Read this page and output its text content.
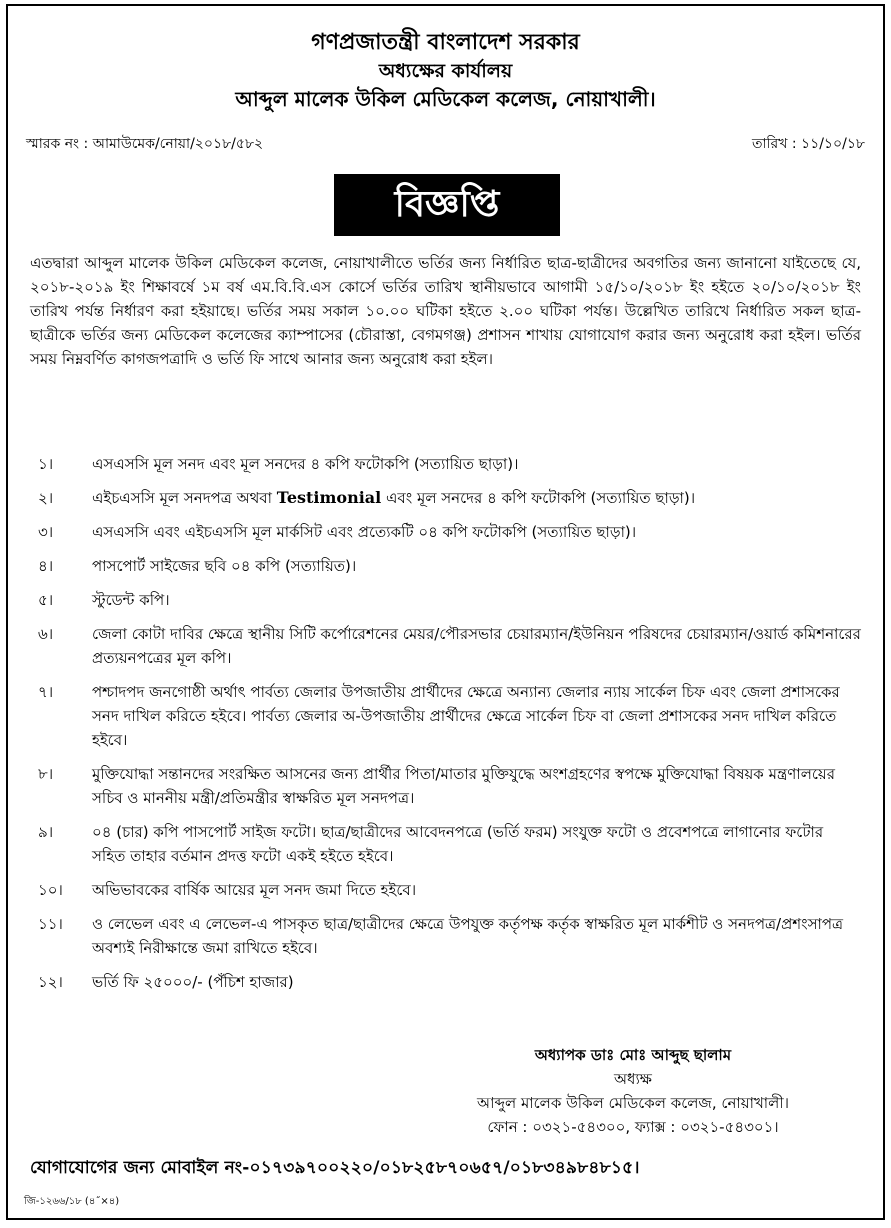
গণপ্রজাতন্ত্রী বাংলাদেশ সরকার
অধ্যক্ষের কার্যালয়
আব্দুল মালেক উকিল মেডিকেল কলেজ, নোয়াখালী।
স্মারক নং : আমাউমেক/নোয়া/২০১৮/৫৮২	তারিখ : ১১/১০/১৮
বিজ্ঞপ্তি
এতদ্বারা আব্দুল মালেক উকিল মেডিকেল কলেজ, নোয়াখালীতে ভর্তির জন্য নির্ধারিত ছাত্র-ছাত্রীদের অবগতির জন্য জানানো যাইতেছে যে, ২০১৮-২০১৯ ইং শিক্ষাবর্ষে ১ম বর্ষ এম.বি.বি.এস কোর্সে ভর্তির তারিখ স্থানীয়ভাবে আগামী ১৫/১০/২০১৮ ইং হইতে ২০/১০/২০১৮ ইং তারিখ পর্যন্ত নির্ধারণ করা হইয়াছে। ভর্তির সময় সকাল ১০.০০ ঘটিকা হইতে ২.০০ ঘটিকা পর্যন্ত। উল্লেখিত তারিখে নির্ধারিত সকল ছাত্র-ছাত্রীকে ভর্তির জন্য মেডিকেল কলেজের ক্যাম্পাসের (চৌরাস্তা, বেগমগঞ্জ) প্রশাসন শাখায় যোগাযোগ করার জন্য অনুরোধ করা হইল। ভর্তির সময় নিম্নবর্ণিত কাগজপত্রাদি ও ভর্তি ফি সাথে আনার জন্য অনুরোধ করা হইল।
১।	এসএসসি মূল সনদ এবং মূল সনদের ৪ কপি ফটোকপি (সত্যায়িত ছাড়া)।
২।	এইচএসসি মূল সনদপত্র অথবা Testimonial এবং মূল সনদের ৪ কপি ফটোকপি (সত্যায়িত ছাড়া)।
৩।	এসএসসি এবং এইচএসসি মূল মার্কসিট এবং প্রত্যেকটি ০৪ কপি ফটোকপি (সত্যায়িত ছাড়া)।
৪।	পাসপোর্ট সাইজের ছবি ০৪ কপি (সত্যায়িত)।
৫।	স্টুডেন্ট কপি।
৬।	জেলা কোটা দাবির ক্ষেত্রে স্থানীয় সিটি কর্পোরেশনের মেয়র/পৌরসভার চেয়ারম্যান/ইউনিয়ন পরিষদের চেয়ারম্যান/ওয়ার্ড কমিশনারের প্রত্যয়নপত্রের মূল কপি।
৭।	পশ্চাদপদ জনগোষ্ঠী অর্থাৎ পার্বত্য জেলার উপজাতীয় প্রার্থীদের ক্ষেত্রে অন্যান্য জেলার ন্যায় সার্কেল চিফ এবং জেলা প্রশাসকের সনদ দাখিল করিতে হইবে। পার্বত্য জেলার অ-উপজাতীয় প্রার্থীদের ক্ষেত্রে সার্কেল চিফ বা জেলা প্রশাসকের সনদ দাখিল করিতে হইবে।
৮।	মুক্তিযোদ্ধা সন্তানদের সংরক্ষিত আসনের জন্য প্রার্থীর পিতা/মাতার মুক্তিযুদ্ধে অংশগ্রহণের স্বপক্ষে মুক্তিযোদ্ধা বিষয়ক মন্ত্রণালয়ের সচিব ও মাননীয় মন্ত্রী/প্রতিমন্ত্রীর স্বাক্ষরিত মূল সনদপত্র।
৯।	০৪ (চার) কপি পাসপোর্ট সাইজ ফটো। ছাত্র/ছাত্রীদের আবেদনপত্রে (ভর্তি ফরম) সংযুক্ত ফটো ও প্রবেশপত্রে লাগানোর ফটোর সহিত তাহার বর্তমান প্রদত্ত ফটো একই হইতে হইবে।
১০।	অভিভাবকের বার্ষিক আয়ের মূল সনদ জমা দিতে হইবে।
১১।	ও লেভেল এবং এ লেভেল-এ পাসকৃত ছাত্র/ছাত্রীদের ক্ষেত্রে উপযুক্ত কর্তৃপক্ষ কর্তৃক স্বাক্ষরিত মূল মার্কশীট ও সনদপত্র/প্রশংসাপত্র অবশ্যই নিরীক্ষান্তে জমা রাখিতে হইবে।
১২।	ভর্তি ফি ২৫০০০/- (পঁচিশ হাজার)
অধ্যাপক ডাঃ মোঃ আব্দুছ ছালাম
অধ্যক্ষ
আব্দুল মালেক উকিল মেডিকেল কলেজ, নোয়াখালী।
ফোন : ০৩২১-৫৪৩০০, ফ্যাক্স : ০৩২১-৫৪৩০১।
যোগাযোগের জন্য মোবাইল নং-০১৭৩৯৭০০২২০/০১৮২৫৮৭০৬৫৭/০১৮৩৪৯৮৪৮১৫।
জি-১২৬৬/১৮ (৪˝×৪)
